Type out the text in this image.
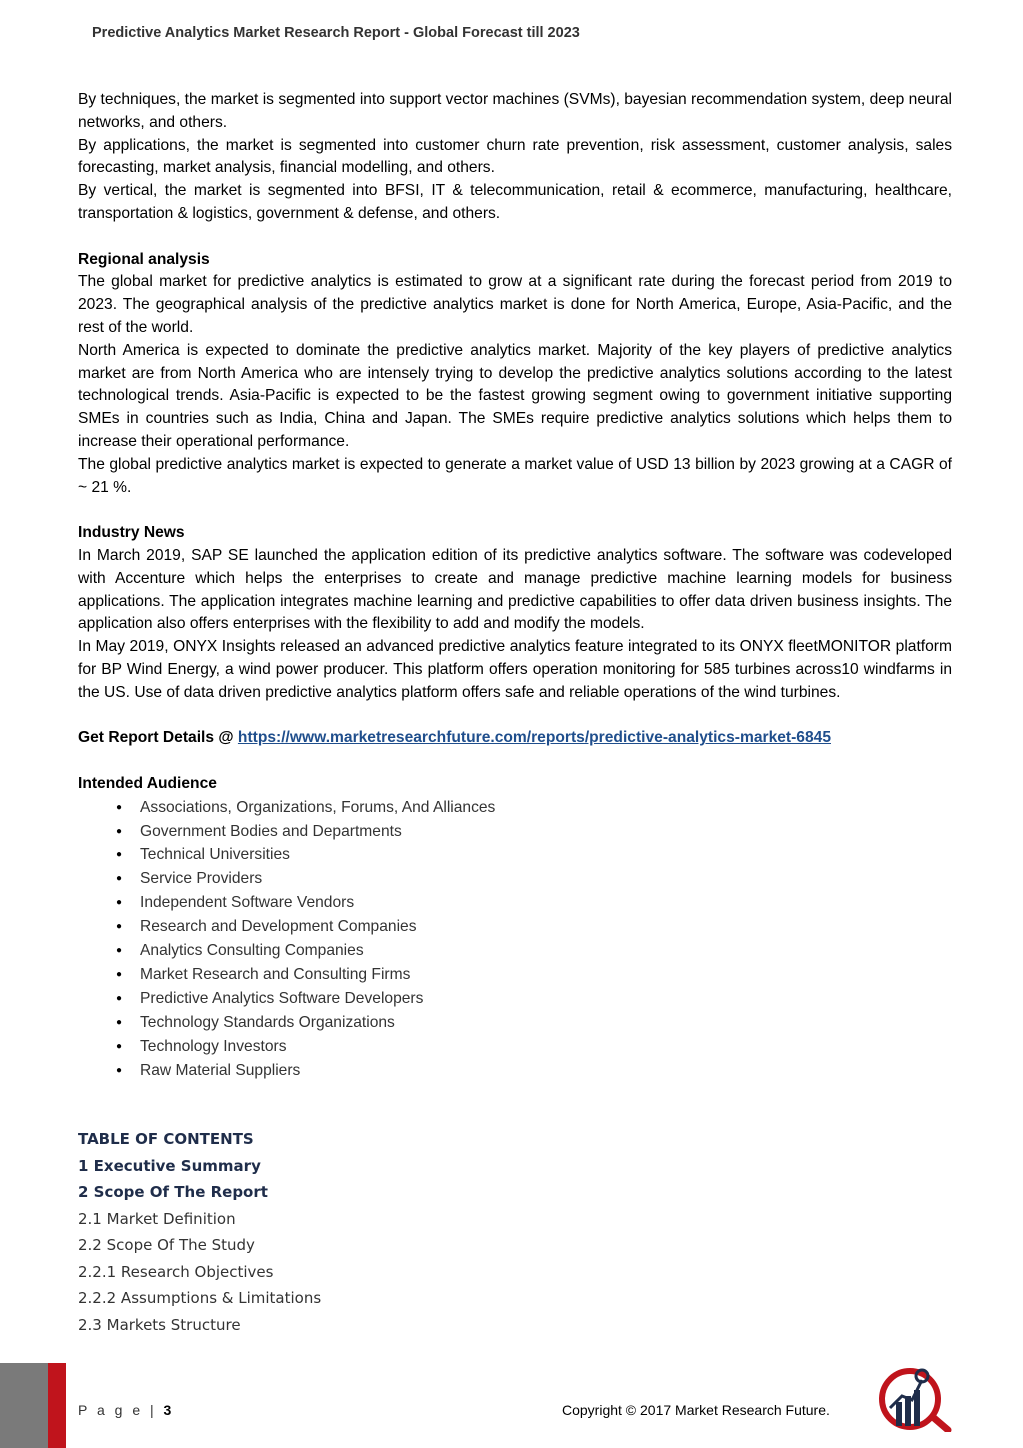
Predictive Analytics Market Research Report - Global Forecast till 2023

By techniques, the market is segmented into support vector machines (SVMs), bayesian recommendation system, deep neural networks, and others.

By applications, the market is segmented into customer churn rate prevention, risk assessment, customer analysis, sales forecasting, market analysis, financial modelling, and others.

By vertical, the market is segmented into BFSI, IT & telecommunication, retail & ecommerce, manufacturing, healthcare, transportation & logistics, government & defense, and others.

Regional analysis

The global market for predictive analytics is estimated to grow at a significant rate during the forecast period from 2019 to 2023. The geographical analysis of the predictive analytics market is done for North America, Europe, Asia-Pacific, and the rest of the world.

North America is expected to dominate the predictive analytics market. Majority of the key players of predictive analytics market are from North America who are intensely trying to develop the predictive analytics solutions according to the latest technological trends. Asia-Pacific is expected to be the fastest growing segment owing to government initiative supporting SMEs in countries such as India, China and Japan. The SMEs require predictive analytics solutions which helps them to increase their operational performance.

The global predictive analytics market is expected to generate a market value of USD 13 billion by 2023 growing at a CAGR of ~ 21 %.

Industry News

In March 2019, SAP SE launched the application edition of its predictive analytics software. The software was codeveloped with Accenture which helps the enterprises to create and manage predictive machine learning models for business applications. The application integrates machine learning and predictive capabilities to offer data driven business insights. The application also offers enterprises with the flexibility to add and modify the models.

In May 2019, ONYX Insights released an advanced predictive analytics feature integrated to its ONYX fleetMONITOR platform for BP Wind Energy, a wind power producer. This platform offers operation monitoring for 585 turbines across10 windfarms in the US. Use of data driven predictive analytics platform offers safe and reliable operations of the wind turbines.

Get Report Details @ https://www.marketresearchfuture.com/reports/predictive-analytics-market-6845
Intended Audience
● Associations, Organizations, Forums, And Alliances
● Government Bodies and Departments
● Technical Universities
● Service Providers
● Independent Software Vendors
● Research and Development Companies
● Analytics Consulting Companies
● Market Research and Consulting Firms
● Predictive Analytics Software Developers
● Technology Standards Organizations
● Technology Investors
● Raw Material Suppliers
TABLE OF CONTENTS
1 Executive Summary
2 Scope Of The Report
2.1 Market Definition
2.2 Scope Of The Study
2.2.1 Research Objectives
2.2.2 Assumptions & Limitations
2.3 Markets Structure
P a g e | 3	Copyright © 2017 Market Research Future.
